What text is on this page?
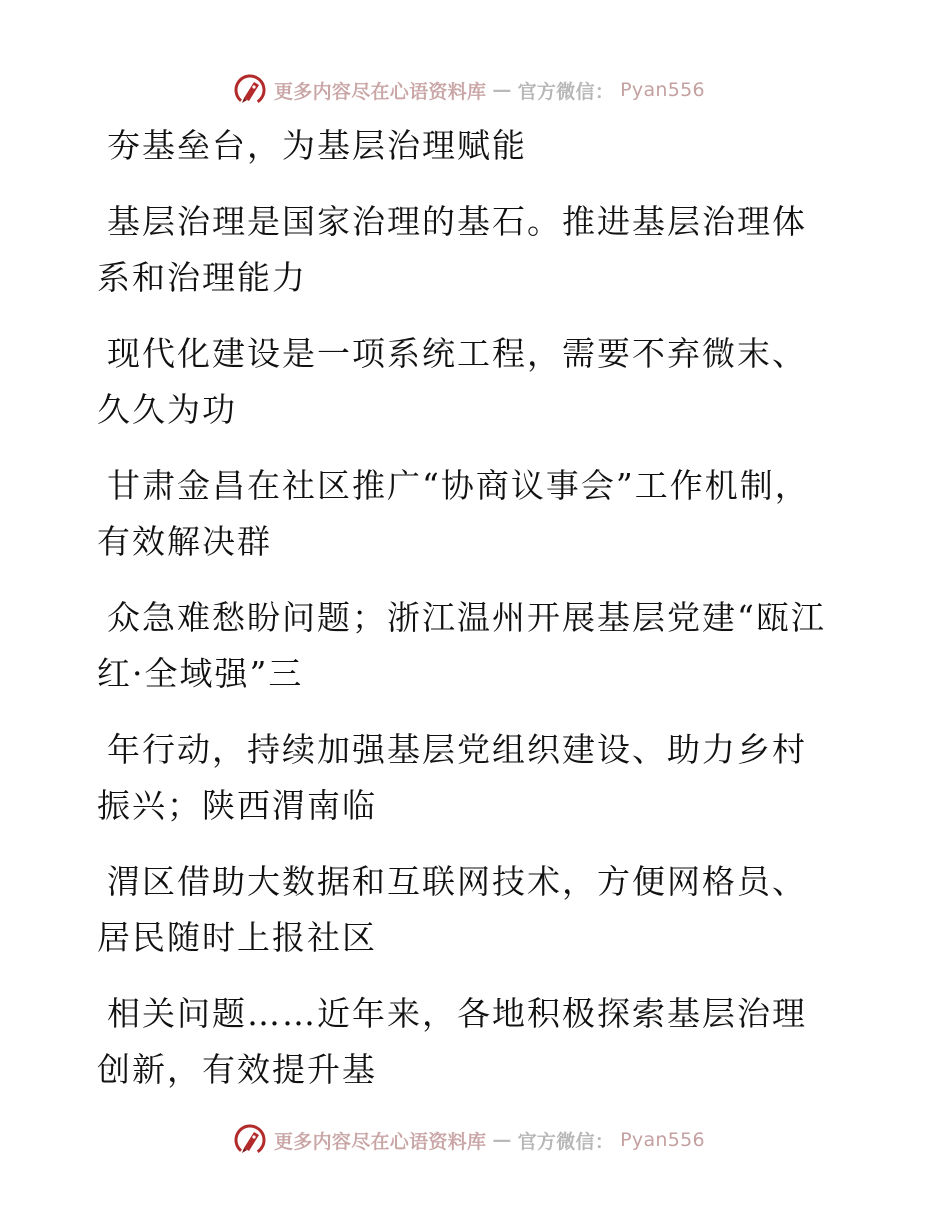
更多内容尽在心语资料库 — 官方微信： Pyan556

夯基垒台，为基层治理赋能

基层治理是国家治理的基石。推进基层治理体系和治理能力

现代化建设是一项系统工程，需要不弃微末、久久为功

甘肃金昌在社区推广“协商议事会”工作机制，有效解决群

众急难愁盼问题；浙江温州开展基层党建“瓯江红·全域强”三

年行动，持续加强基层党组织建设、助力乡村振兴；陕西渭南临

渭区借助大数据和互联网技术，方便网格员、居民随时上报社区

相关问题……近年来，各地积极探索基层治理创新，有效提升基

更多内容尽在心语资料库 — 官方微信： Pyan556
